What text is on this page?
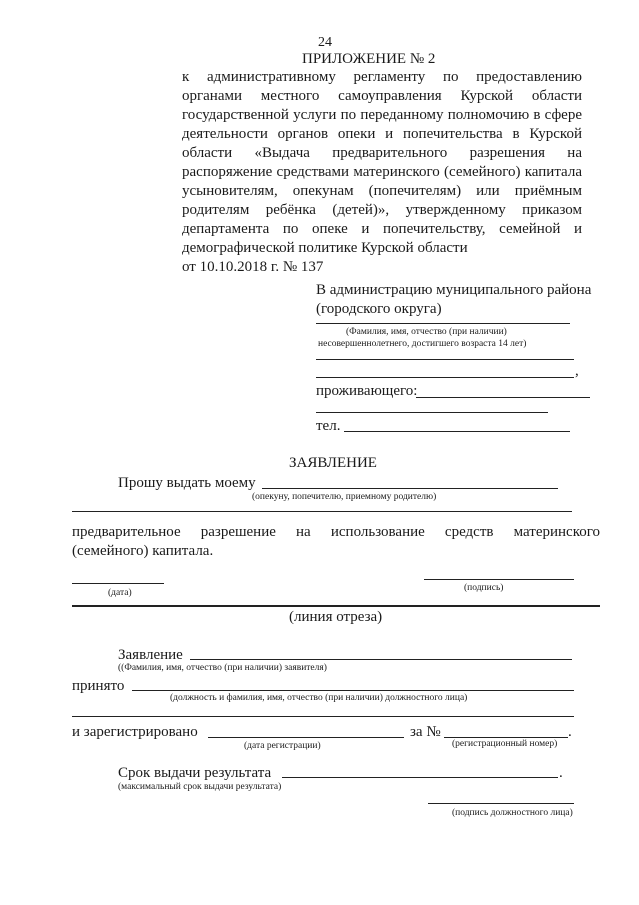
24
ПРИЛОЖЕНИЕ № 2
к административному регламенту по предоставлению
органами местного самоуправления Курской области
государственной услуги по переданному полномочию в сфере
деятельности органов опеки и попечительства в Курской
области «Выдача предварительного разрешения на
распоряжение средствами материнского (семейного) капитала
усыновителям, опекунам (попечителям) или приёмным
родителям ребёнка (детей)», утвержденному приказом
департамента по опеке и попечительству, семейной и
демографической политике Курской области
от 10.10.2018 г. № 137
В администрацию муниципального района
(городского округа)
(Фамилия, имя, отчество (при наличии)
несовершеннолетнего, достигшего возраста 14 лет)
,
проживающего:
тел.
ЗАЯВЛЕНИЕ
Прошу выдать моему
(опекуну, попечителю, приемному родителю)
предварительное разрешение на использование средств материнского
(семейного) капитала.
(дата)	(подпись)
(линия отреза)
Заявление
((Фамилия, имя, отчество (при наличии) заявителя)
принято
(должность и фамилия, имя, отчество (при наличии) должностного лица)
и зарегистрировано	за №	.
(дата регистрации)	(регистрационный номер)
Срок выдачи результата	.
(максимальный срок выдачи результата)
(подпись должностного лица)
